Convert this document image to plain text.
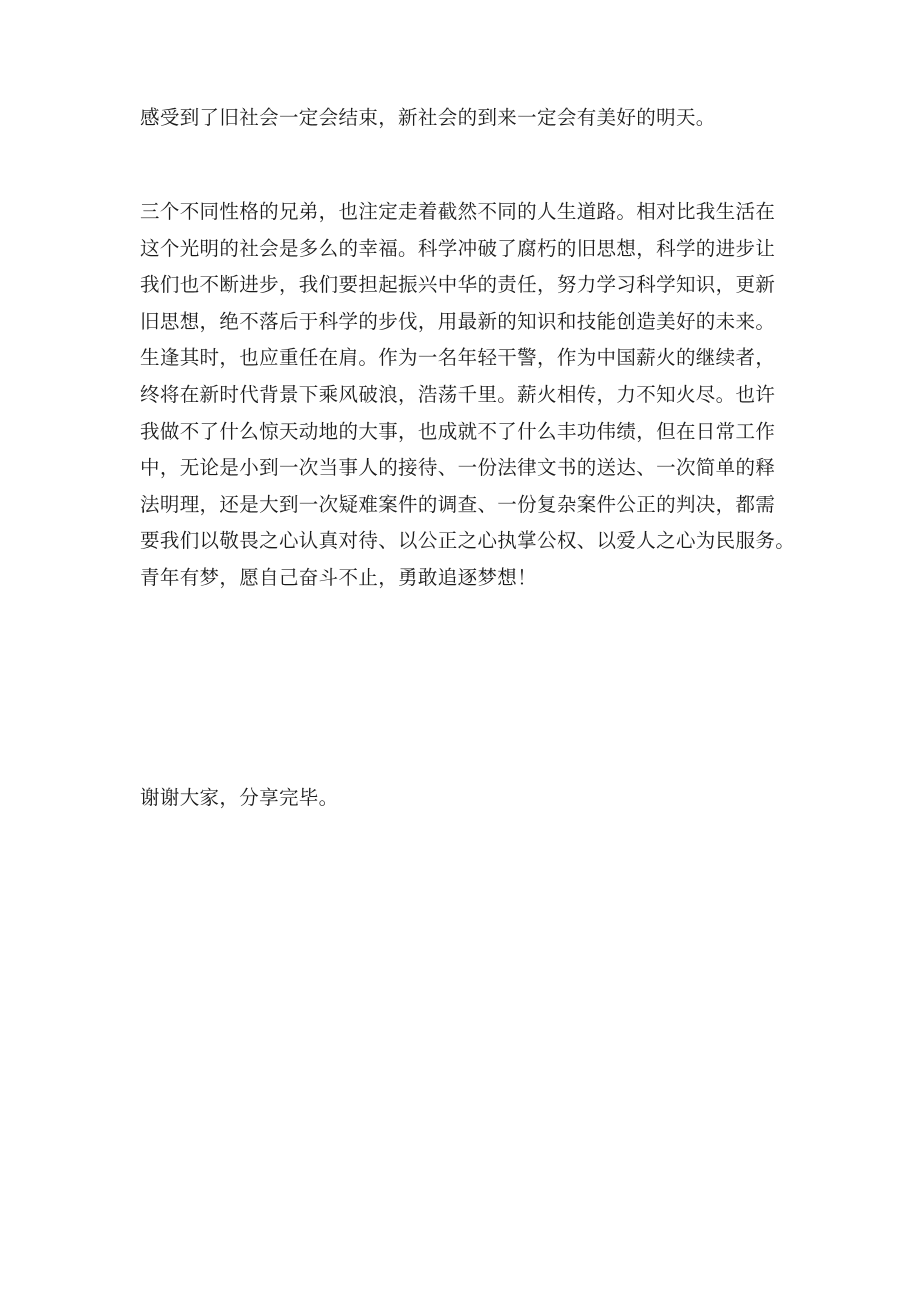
感受到了旧社会一定会结束，新社会的到来一定会有美好的明天。
三个不同性格的兄弟，也注定走着截然不同的人生道路。相对比我生活在
这个光明的社会是多么的幸福。科学冲破了腐朽的旧思想，科学的进步让
我们也不断进步，我们要担起振兴中华的责任，努力学习科学知识，更新
旧思想，绝不落后于科学的步伐，用最新的知识和技能创造美好的未来。
生逢其时，也应重任在肩。作为一名年轻干警，作为中国薪火的继续者，
终将在新时代背景下乘风破浪，浩荡千里。薪火相传，力不知火尽。也许
我做不了什么惊天动地的大事，也成就不了什么丰功伟绩，但在日常工作
中，无论是小到一次当事人的接待、一份法律文书的送达、一次简单的释
法明理，还是大到一次疑难案件的调查、一份复杂案件公正的判决，都需
要我们以敬畏之心认真对待、以公正之心执掌公权、以爱人之心为民服务。
青年有梦，愿自己奋斗不止，勇敢追逐梦想！
谢谢大家，分享完毕。
